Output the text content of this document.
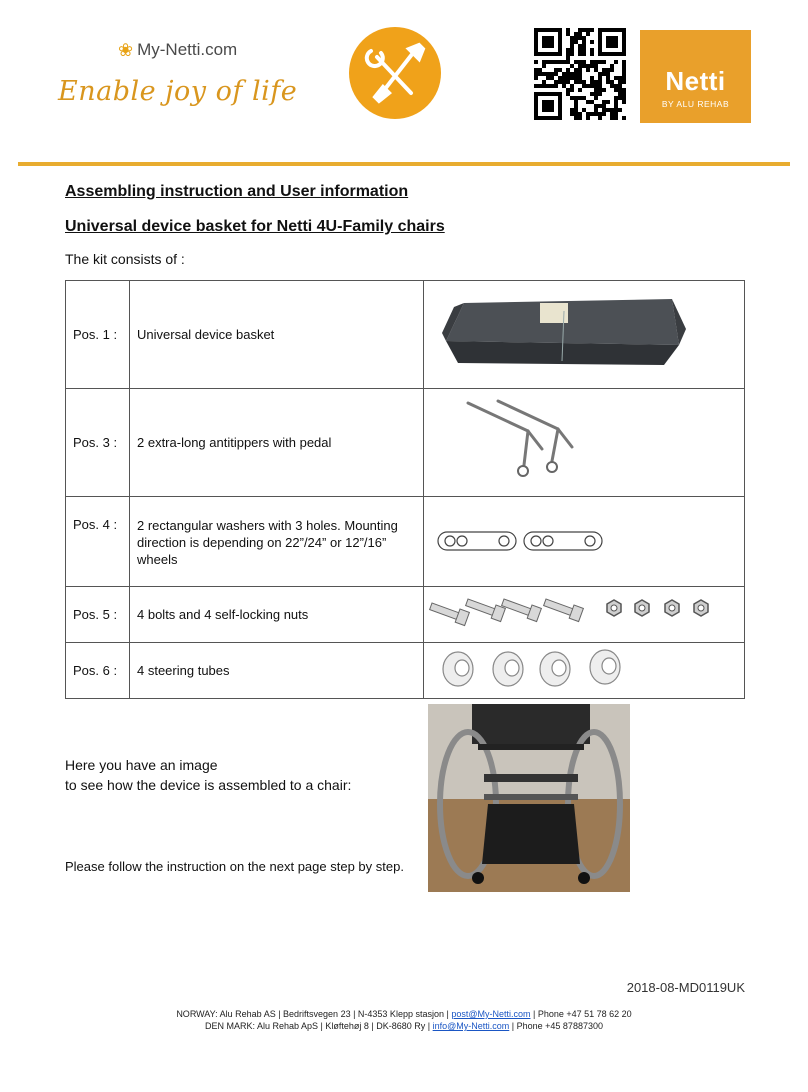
❀ My-Netti.com
Enable joy of life	Netti
BY ALU REHAB
Assembling instruction and User information
Universal device basket for Netti 4U-Family chairs
The kit consists of :
Pos. 1 :	Universal device basket	
Pos. 3 :	2 extra-long antitippers with pedal	
Pos. 4 :	2 rectangular washers with 3 holes. Mounting direction is depending on 22”/24” or 12”/16” wheels	
Pos. 5 :	4 bolts and 4 self-locking nuts	
Pos. 6 :	4 steering tubes	
Here you have an image
to see how the device is assembled to a chair:
Please follow the instruction on the next page step by step.
2018-08-MD0119UK
NORWAY: Alu Rehab AS | Bedriftsvegen 23 | N-4353 Klepp stasjon | post@My-Netti.com | Phone +47 51 78 62 20
DEN MARK: Alu Rehab ApS | Kløftehøj 8 | DK-8680 Ry | info@My-Netti.com | Phone +45 87887300
